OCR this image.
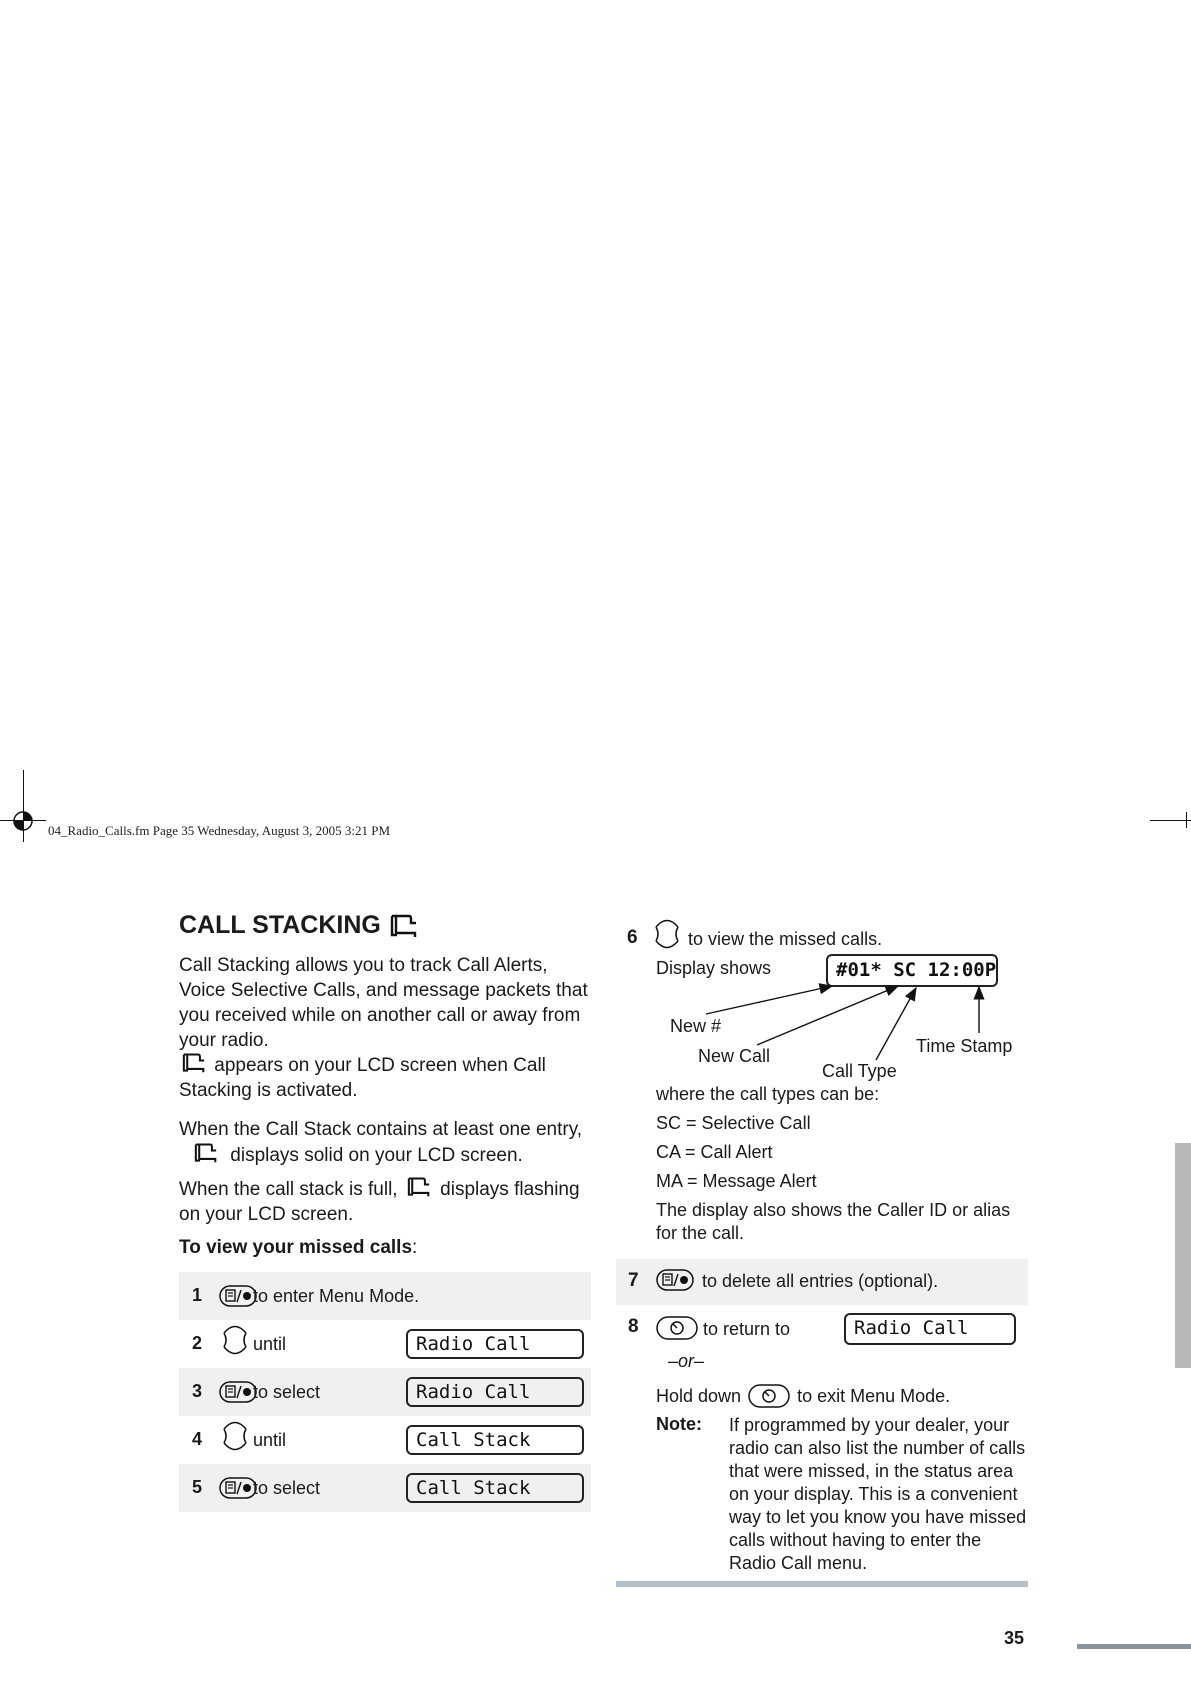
04_Radio_Calls.fm Page 35 Wednesday, August 3, 2005 3:21 PM
CALL STACKING
Call Stacking allows you to track Call Alerts, Voice Selective Calls, and message packets that you received while on another call or away from your radio.
appears on your LCD screen when Call Stacking is activated.
When the Call Stack contains at least one entry,  displays solid on your LCD screen.
When the call stack is full, displays flashing on your LCD screen.
To view your missed calls:
1	to enter Menu Mode.
2	until	Radio Call
3	to select	Radio Call
4	until	Call Stack
5	to select	Call Stack
6	to view the missed calls.
Display shows	#01* SC 12:00P
New #
New Call
Call Type
Time Stamp
where the call types can be:
SC = Selective Call
CA = Call Alert
MA = Message Alert
The display also shows the Caller ID or alias
for the call.
7	to delete all entries (optional).
8	to return to	Radio Call
–or–
Hold down	to exit Menu Mode.
Note: If programmed by your dealer, your
radio can also list the number of calls
that were missed, in the status area
on your display. This is a convenient
way to let you know you have missed
calls without having to enter the
Radio Call menu.
35
